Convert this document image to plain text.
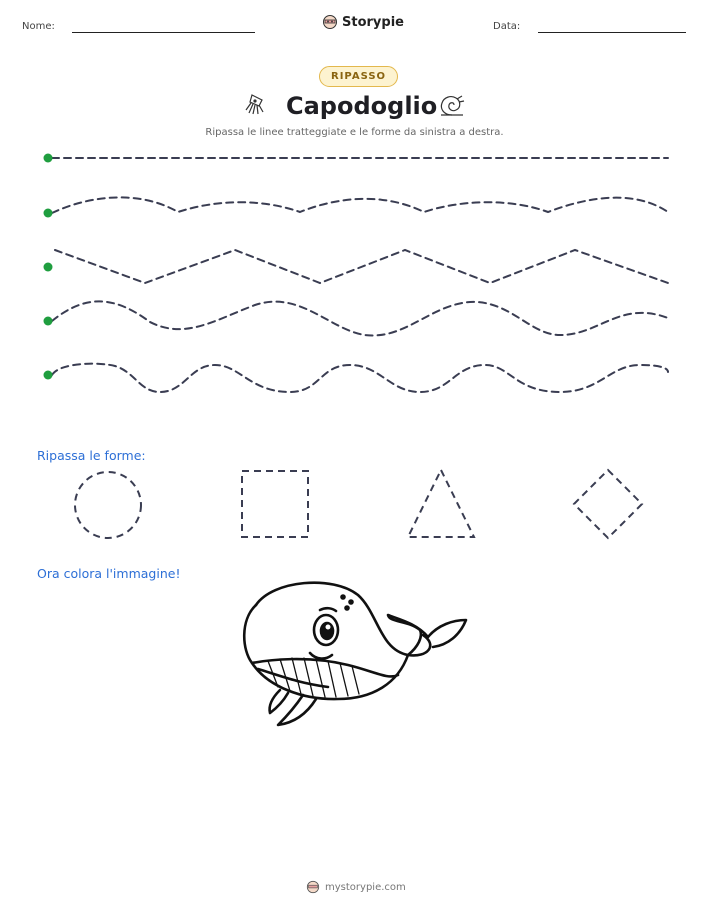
Nome:	Storypie	Data:
RIPASSO
Capodoglio
Ripassa le linee tratteggiate e le forme da sinistra a destra.
Ripassa le forme:
Ora colora l'immagine!
mystorypie.com
